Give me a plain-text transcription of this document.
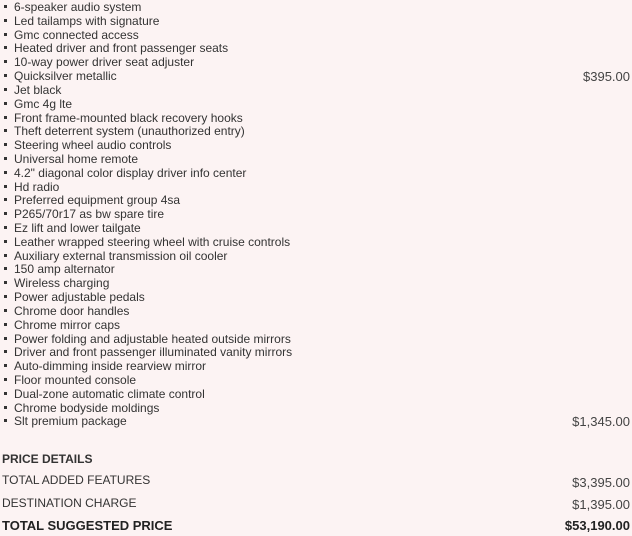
6-speaker audio system
Led tailamps with signature
Gmc connected access
Heated driver and front passenger seats
10-way power driver seat adjuster
Quicksilver metallic	$395.00
Jet black
Gmc 4g lte
Front frame-mounted black recovery hooks
Theft deterrent system (unauthorized entry)
Steering wheel audio controls
Universal home remote
4.2" diagonal color display driver info center
Hd radio
Preferred equipment group 4sa
P265/70r17 as bw spare tire
Ez lift and lower tailgate
Leather wrapped steering wheel with cruise controls
Auxiliary external transmission oil cooler
150 amp alternator
Wireless charging
Power adjustable pedals
Chrome door handles
Chrome mirror caps
Power folding and adjustable heated outside mirrors
Driver and front passenger illuminated vanity mirrors
Auto-dimming inside rearview mirror
Floor mounted console
Dual-zone automatic climate control
Chrome bodyside moldings
Slt premium package	$1,345.00
PRICE DETAILS
TOTAL ADDED FEATURES	$3,395.00
DESTINATION CHARGE	$1,395.00
TOTAL SUGGESTED PRICE	$53,190.00
